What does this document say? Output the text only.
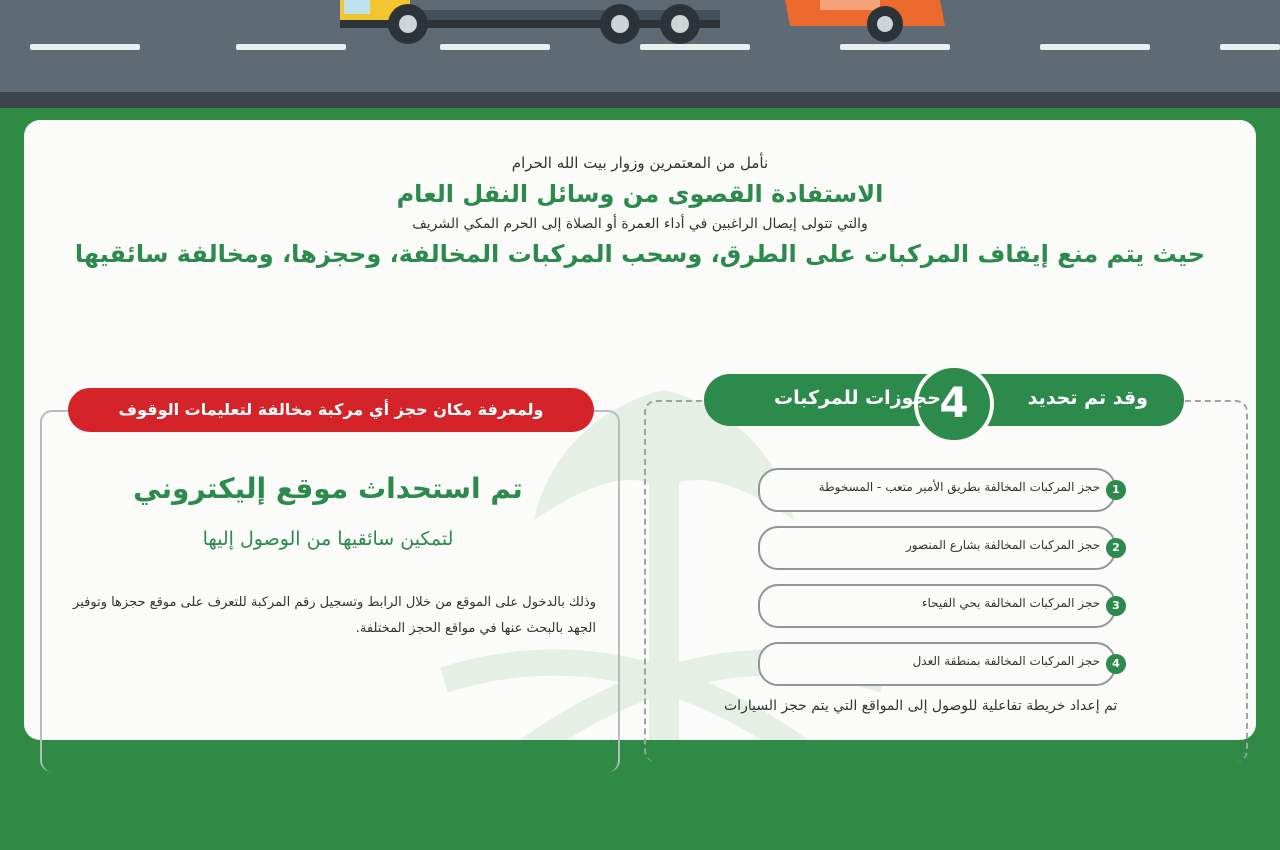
نأمل من المعتمرين وزوار بيت الله الحرام

الاستفادة القصوى من وسائل النقل العام

والتي تتولى إيصال الراغبين في أداء العمرة أو الصلاة إلى الحرم المكي الشريف

حيث يتم منع إيقاف المركبات على الطرق، وسحب المركبات المخالفة، وحجزها، ومخالفة سائقيها

وقد تم تحديد
4
حجوزات للمركبات
حجز المركبات المخالفة بطريق الأمير متعب - المسخوطة	1
حجز المركبات المخالفة بشارع المنصور	2
حجز المركبات المخالفة بحي الفيحاء	3
حجز المركبات المخالفة بمنطقة العدل	4
تم إعداد خريطة تفاعلية للوصول إلى المواقع التي يتم حجز السيارات
ولمعرفة مكان حجز أي مركبة مخالفة لتعليمات الوقوف
تم استحداث موقع إليكتروني
لتمكين سائقيها من الوصول إليها
وذلك بالدخول على الموقع من خلال الرابط وتسجيل رقم المركبة للتعرف على موقع حجزها وتوفير الجهد بالبحث عنها في مواقع الحجز المختلفة.
